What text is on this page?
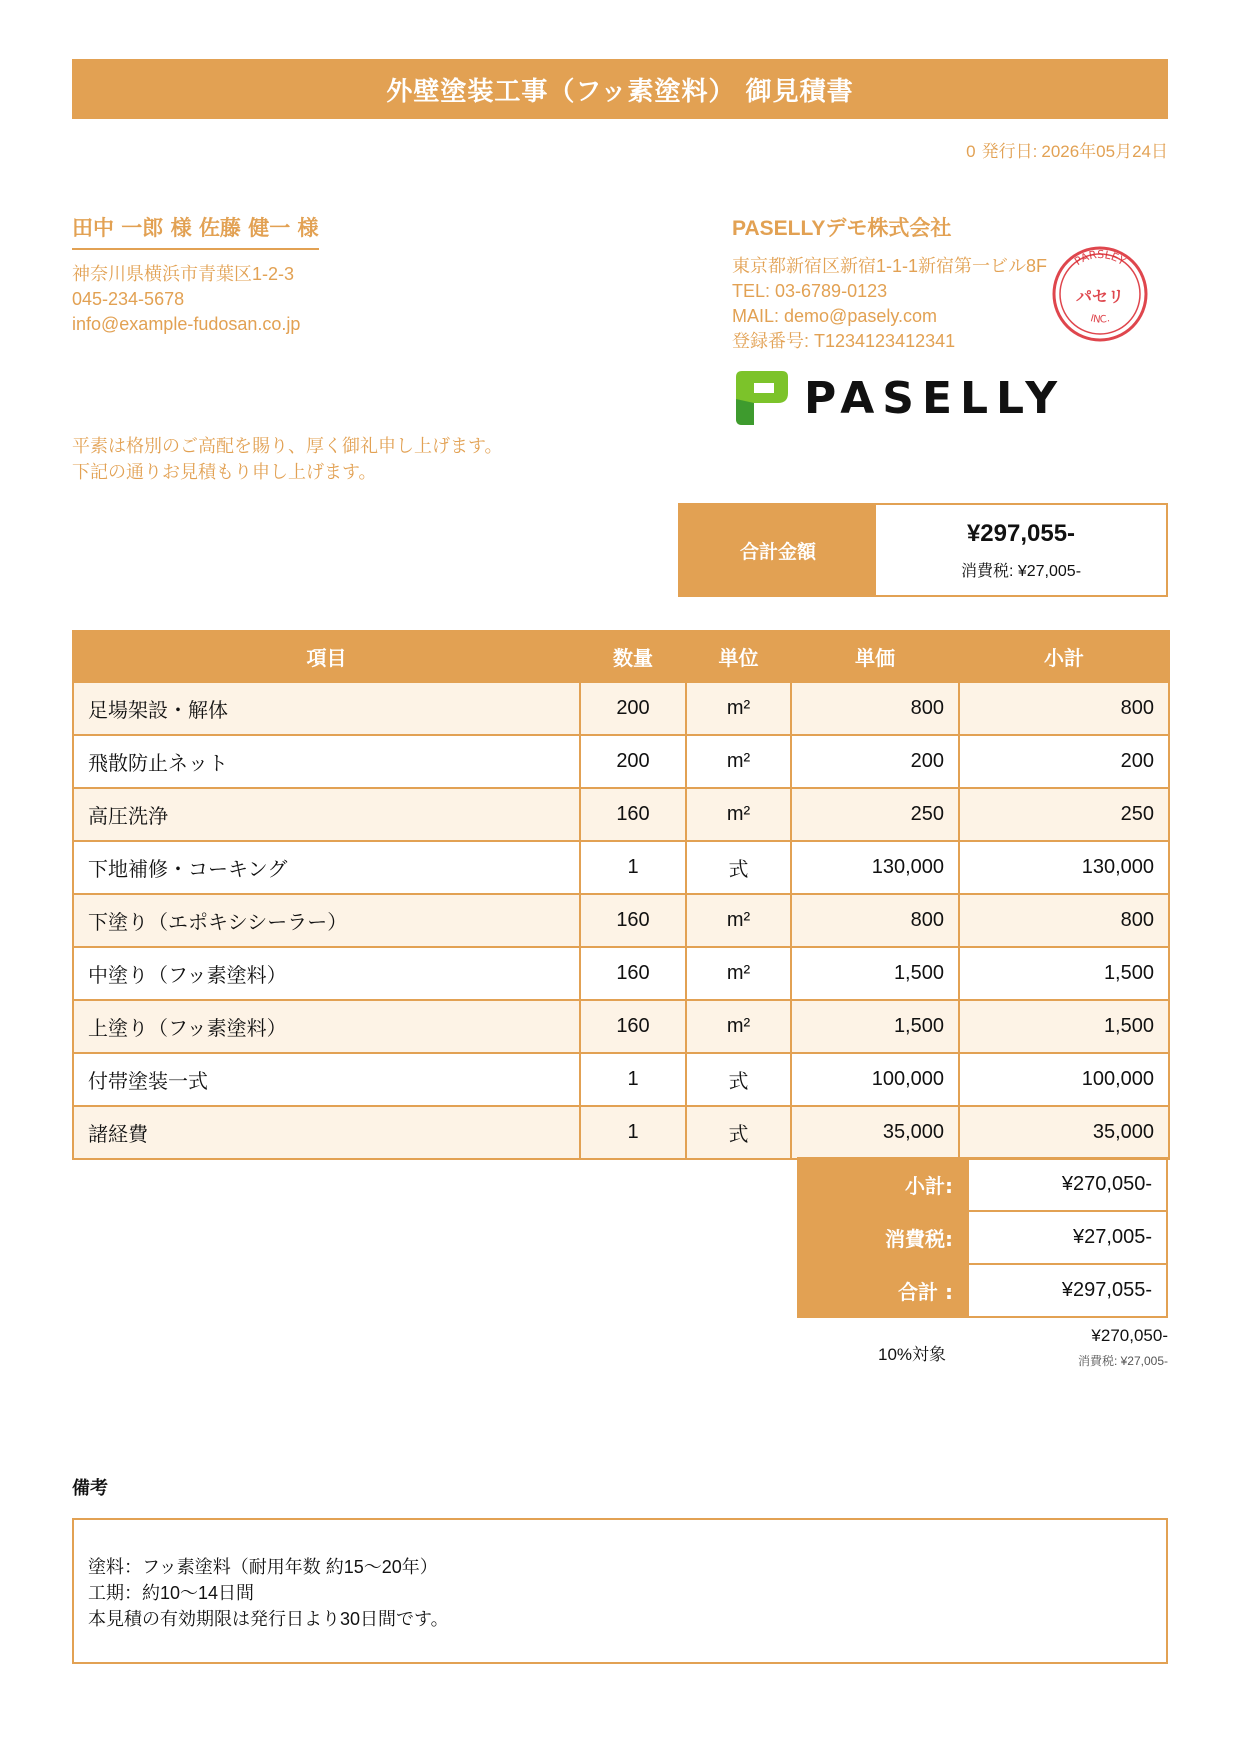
外壁塗装工事（フッ素塗料） 御見積書
0 発行日: 2026年05月24日
田中 一郎 様 佐藤 健一 様
神奈川県横浜市青葉区1-2-3
045-234-5678
info@example-fudosan.co.jp
PASELLYデモ株式会社
東京都新宿区新宿1-1-1新宿第一ビル8F
TEL: 03-6789-0123
MAIL: demo@pasely.com
登録番号: T1234123412341
PARSLEY
パセリ
INC.
PASELLY
平素は格別のご高配を賜り、厚く御礼申し上げます。
下記の通りお見積もり申し上げます。
合計金額
¥297,055-
消費税: ¥27,005-
項目	数量	単位	単価	小計
足場架設・解体	200	m²	800	800
飛散防止ネット	200	m²	200	200
高圧洗浄	160	m²	250	250
下地補修・コーキング	1	式	130,000	130,000
下塗り（エポキシシーラー）	160	m²	800	800
中塗り（フッ素塗料）	160	m²	1,500	1,500
上塗り（フッ素塗料）	160	m²	1,500	1,500
付帯塗装一式	1	式	100,000	100,000
諸経費	1	式	35,000	35,000
小計:	¥270,050-
消費税:	¥27,005-
合計 :	¥297,055-
10%対象
¥270,050-
消費税: ¥27,005-
備考
塗料：フッ素塗料（耐用年数 約15〜20年）
工期：約10〜14日間
本見積の有効期限は発行日より30日間です。
